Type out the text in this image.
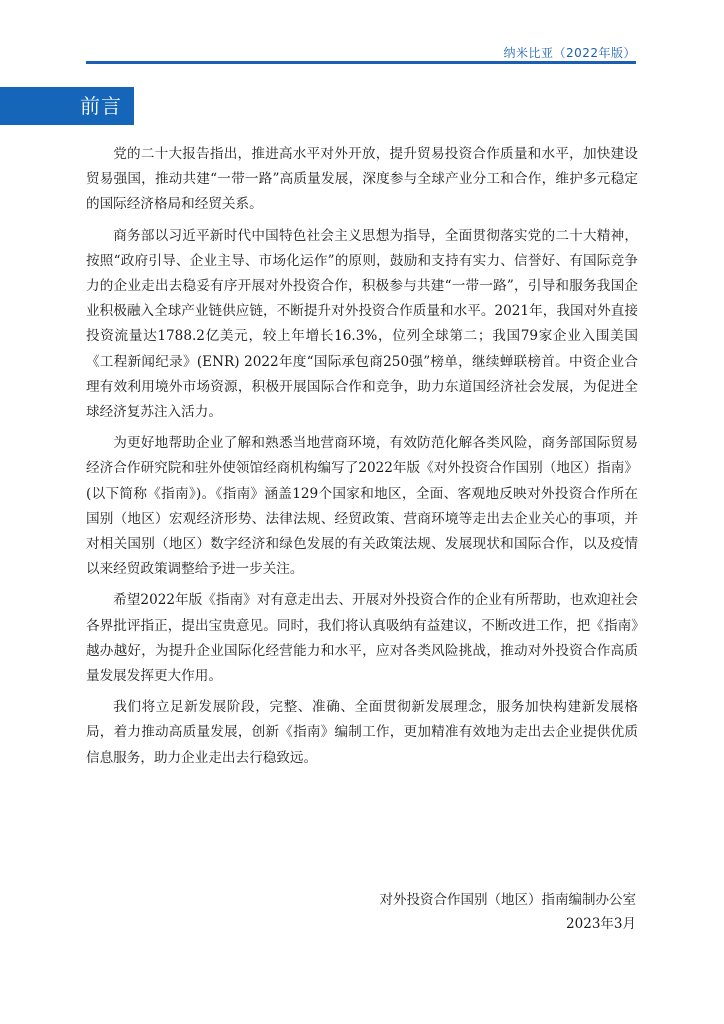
纳米比亚（2022年版）
前言

党的二十大报告指出，推进高水平对外开放，提升贸易投资合作质量和水平，加快建设贸易强国，推动共建“一带一路”高质量发展，深度参与全球产业分工和合作，维护多元稳定的国际经济格局和经贸关系。

商务部以习近平新时代中国特色社会主义思想为指导，全面贯彻落实党的二十大精神，按照“政府引导、企业主导、市场化运作”的原则，鼓励和支持有实力、信誉好、有国际竞争力的企业走出去稳妥有序开展对外投资合作，积极参与共建“一带一路”，引导和服务我国企业积极融入全球产业链供应链，不断提升对外投资合作质量和水平。2021年，我国对外直接投资流量达1788.2亿美元，较上年增长16.3%，位列全球第二；我国79家企业入围美国《工程新闻纪录》(ENR) 2022年度“国际承包商250强”榜单，继续蝉联榜首。中资企业合理有效利用境外市场资源，积极开展国际合作和竞争，助力东道国经济社会发展，为促进全球经济复苏注入活力。

为更好地帮助企业了解和熟悉当地营商环境，有效防范化解各类风险，商务部国际贸易经济合作研究院和驻外使领馆经商机构编写了2022年版《对外投资合作国别（地区）指南》(以下简称《指南》)。《指南》涵盖129个国家和地区，全面、客观地反映对外投资合作所在国别（地区）宏观经济形势、法律法规、经贸政策、营商环境等走出去企业关心的事项，并对相关国别（地区）数字经济和绿色发展的有关政策法规、发展现状和国际合作，以及疫情以来经贸政策调整给予进一步关注。

希望2022年版《指南》对有意走出去、开展对外投资合作的企业有所帮助，也欢迎社会各界批评指正，提出宝贵意见。同时，我们将认真吸纳有益建议，不断改进工作，把《指南》越办越好，为提升企业国际化经营能力和水平，应对各类风险挑战，推动对外投资合作高质量发展发挥更大作用。

我们将立足新发展阶段，完整、准确、全面贯彻新发展理念，服务加快构建新发展格局，着力推动高质量发展，创新《指南》编制工作，更加精准有效地为走出去企业提供优质信息服务，助力企业走出去行稳致远。

对外投资合作国别（地区）指南编制办公室
2023年3月
